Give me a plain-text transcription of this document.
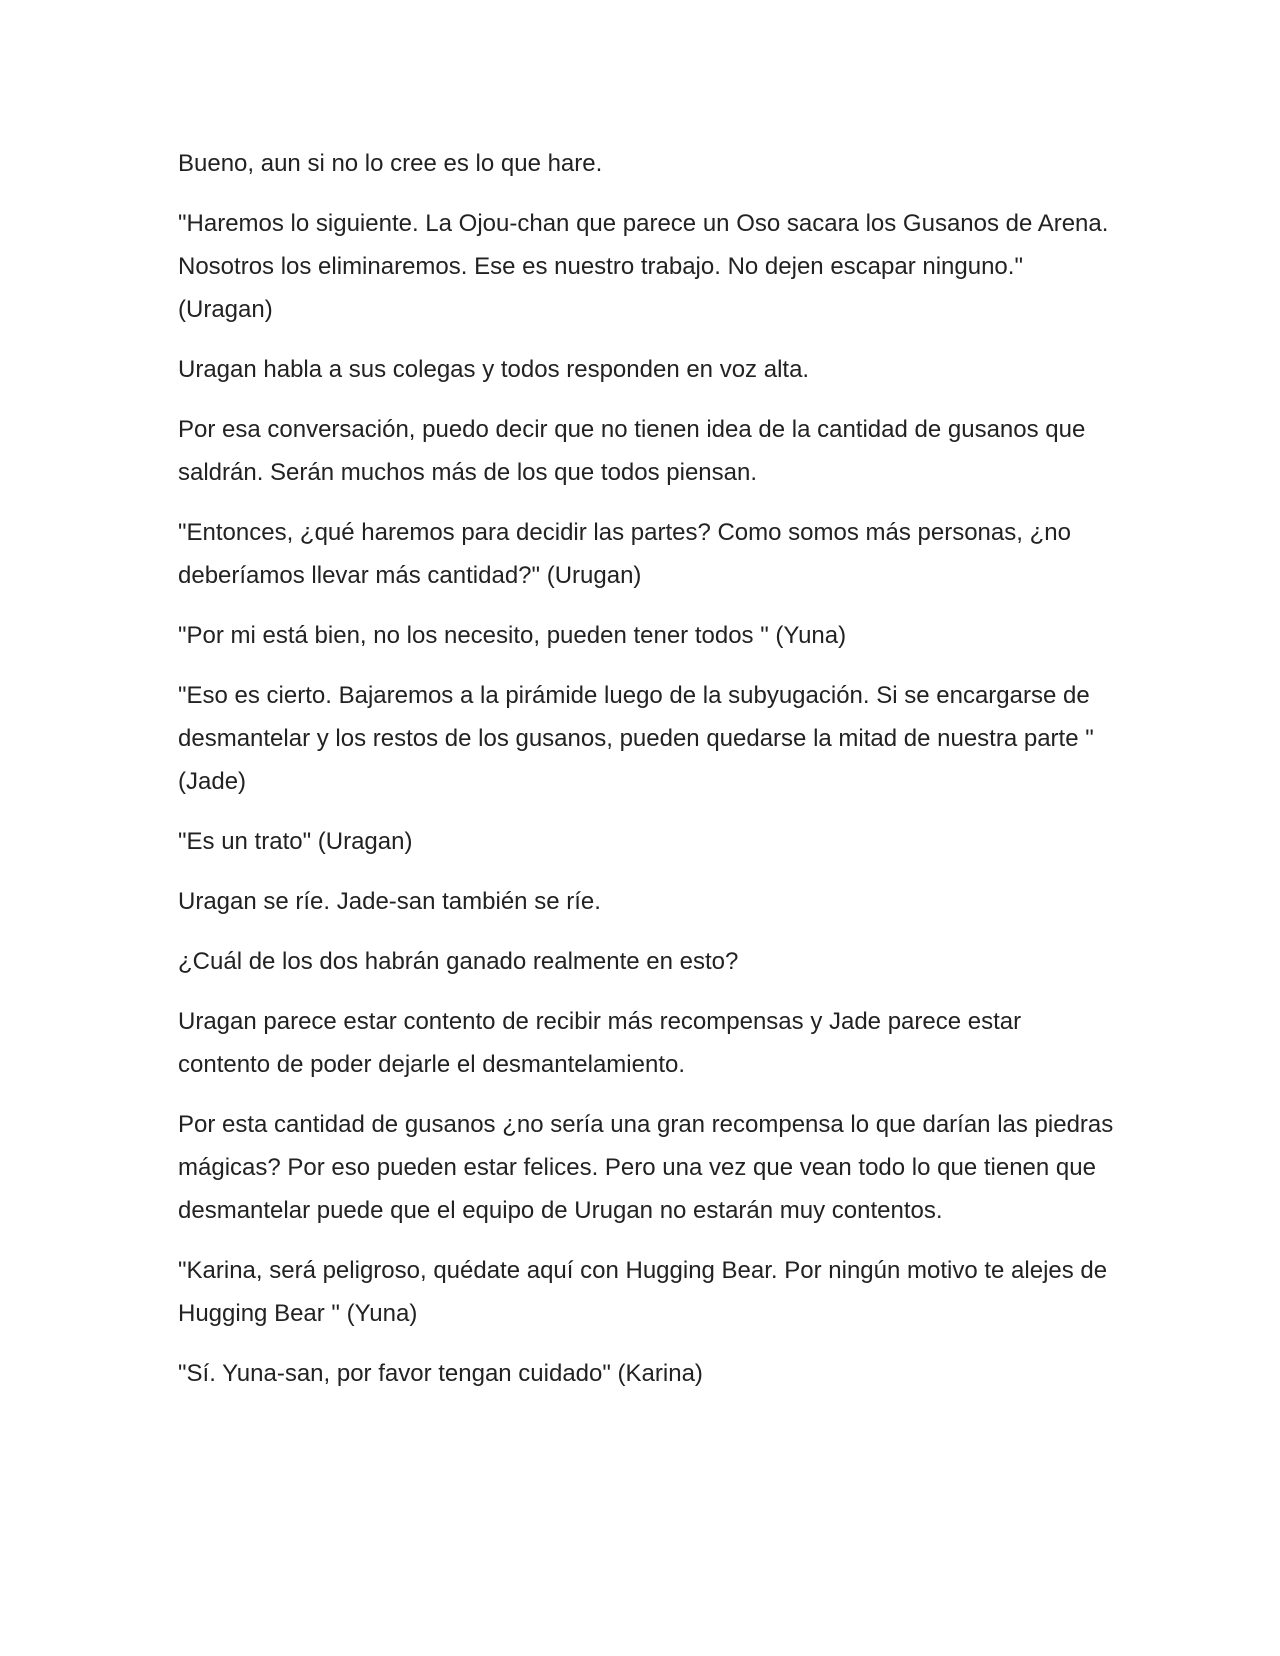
Bueno, aun si no lo cree es lo que hare.

"Haremos lo siguiente. La Ojou-chan que parece un Oso sacara los Gusanos de Arena. Nosotros los eliminaremos. Ese es nuestro trabajo. No dejen escapar ninguno." (Uragan)

Uragan habla a sus colegas y todos responden en voz alta.

Por esa conversación, puedo decir que no tienen idea de la cantidad de gusanos que saldrán. Serán muchos más de los que todos piensan.

"Entonces, ¿qué haremos para decidir las partes? Como somos más personas, ¿no deberíamos llevar más cantidad?" (Urugan)

"Por mi está bien, no los necesito, pueden tener todos " (Yuna)

"Eso es cierto. Bajaremos a la pirámide luego de la subyugación. Si se encargarse de desmantelar y los restos de los gusanos, pueden quedarse la mitad de nuestra parte " (Jade)

"Es un trato" (Uragan)

Uragan se ríe. Jade-san también se ríe.

¿Cuál de los dos habrán ganado realmente en esto?

Uragan parece estar contento de recibir más recompensas y Jade parece estar contento de poder dejarle el desmantelamiento.

Por esta cantidad de gusanos ¿no sería una gran recompensa lo que darían las piedras mágicas? Por eso pueden estar felices. Pero una vez que vean todo lo que tienen que desmantelar puede que el equipo de Urugan no estarán muy contentos.

"Karina, será peligroso, quédate aquí con Hugging Bear. Por ningún motivo te alejes de Hugging Bear " (Yuna)

"Sí. Yuna-san, por favor tengan cuidado" (Karina)
